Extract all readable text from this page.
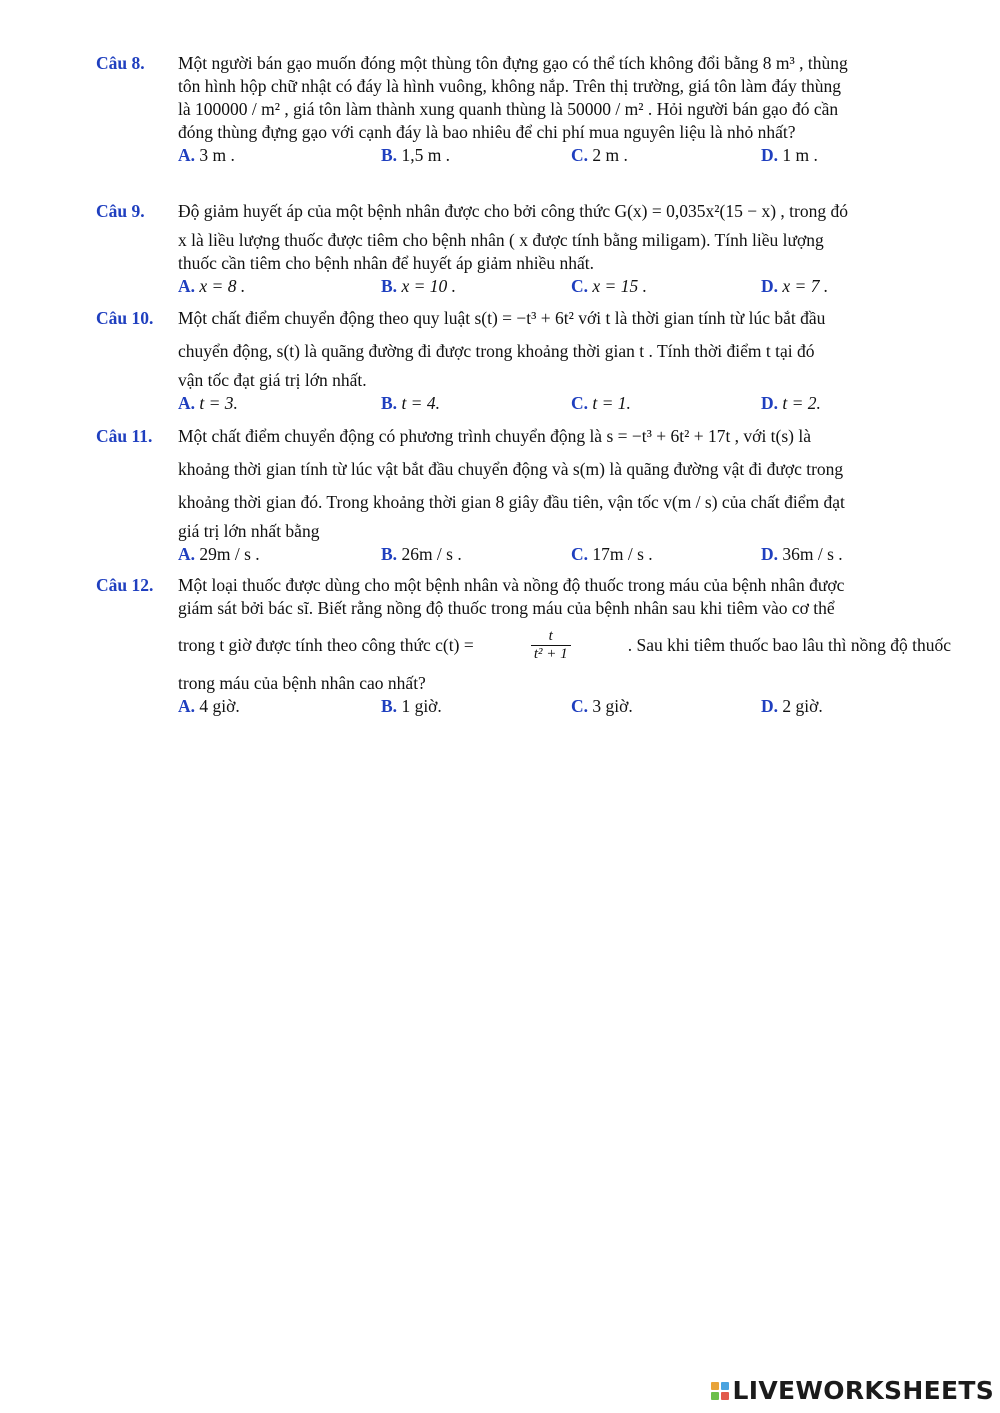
Câu 8. Một người bán gạo muốn đóng một thùng tôn đựng gạo có thể tích không đổi bằng 8 m³ , thùng
tôn hình hộp chữ nhật có đáy là hình vuông, không nắp. Trên thị trường, giá tôn làm đáy thùng
là 100000 / m² , giá tôn làm thành xung quanh thùng là 50000 / m² . Hỏi người bán gạo đó cần
đóng thùng đựng gạo với cạnh đáy là bao nhiêu để chi phí mua nguyên liệu là nhỏ nhất?
A. 3 m .	B. 1,5 m .	C. 2 m .	D. 1 m .
Câu 9. Độ giảm huyết áp của một bệnh nhân được cho bởi công thức G(x) = 0,035x²(15 − x) , trong đó
x là liều lượng thuốc được tiêm cho bệnh nhân ( x được tính bằng miligam). Tính liều lượng
thuốc cần tiêm cho bệnh nhân để huyết áp giảm nhiều nhất.
A. x = 8 .	B. x = 10 .	C. x = 15 .	D. x = 7 .
Câu 10. Một chất điểm chuyển động theo quy luật s(t) = −t³ + 6t² với t là thời gian tính từ lúc bắt đầu
chuyển động, s(t) là quãng đường đi được trong khoảng thời gian t . Tính thời điểm t tại đó
vận tốc đạt giá trị lớn nhất.
A. t = 3.	B. t = 4.	C. t = 1.	D. t = 2.
Câu 11. Một chất điểm chuyển động có phương trình chuyển động là s = −t³ + 6t² + 17t , với t(s) là
khoảng thời gian tính từ lúc vật bắt đầu chuyển động và s(m) là quãng đường vật đi được trong
khoảng thời gian đó. Trong khoảng thời gian 8 giây đầu tiên, vận tốc v(m / s) của chất điểm đạt
giá trị lớn nhất bằng
A. 29m / s .	B. 26m / s .	C. 17m / s .	D. 36m / s .
Câu 12. Một loại thuốc được dùng cho một bệnh nhân và nồng độ thuốc trong máu của bệnh nhân được
giám sát bởi bác sĩ. Biết rằng nồng độ thuốc trong máu của bệnh nhân sau khi tiêm vào cơ thể
trong t giờ được tính theo công thức c(t) =	$\frac{t}{\text{t² + 1}}$	. Sau khi tiêm thuốc bao lâu thì nồng độ thuốc
trong máu của bệnh nhân cao nhất?
A. 4 giờ.	B. 1 giờ.	C. 3 giờ.	D. 2 giờ.
LIVEWORKSHEETS
